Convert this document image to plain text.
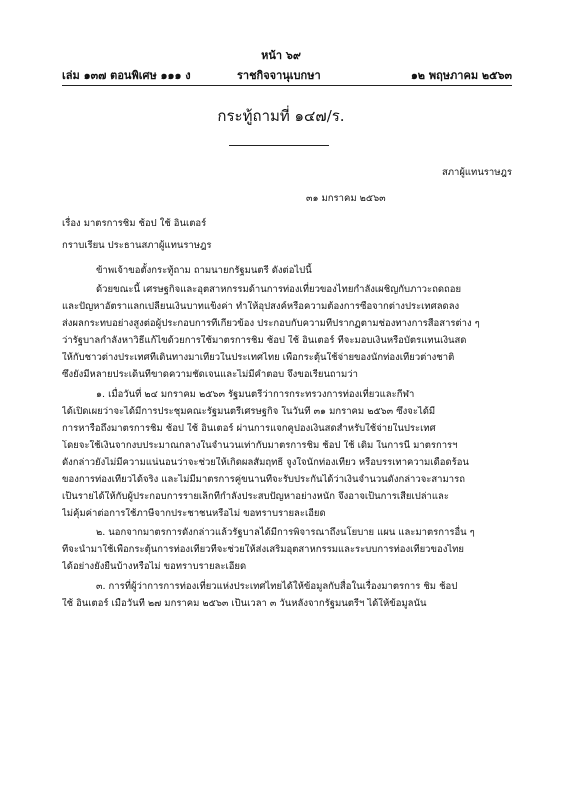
หน้า ๖๙
เล่ม ๑๓๗ ตอนพิเศษ ๑๑๑ ง	ราชกิจจานุเบกษา	๑๒ พฤษภาคม ๒๕๖๓
กระทู้ถามที่ ๑๔๗/ร.
สภาผู้แทนราษฎร
๓๑ มกราคม ๒๕๖๓
เรื่อง มาตรการชิม ช้อป ใช้ อินเตอร์
กราบเรียน ประธานสภาผู้แทนราษฎร
ข้าพเจ้าขอตั้งกระทู้ถาม ถามนายกรัฐมนตรี ดังต่อไปนี้
ด้วยขณะนี้ เศรษฐกิจและอุตสาหกรรมด้านการท่องเที่ยวของไทยกำลังเผชิญกับภาวะถดถอย
และปัญหาอัตราแลกเปลี่ยนเงินบาทแข็งค่า ทำให้อุปสงค์หรือความต้องการซื้อจากต่างประเทศลดลง
ส่งผลกระทบอย่างสูงต่อผู้ประกอบการที่เกี่ยวข้อง ประกอบกับความที่ปรากฏตามช่องทางการสื่อสารต่าง ๆ
ว่ารัฐบาลกำลังหาวิธีแก้ไขด้วยการใช้มาตรการชิม ช้อป ใช้ อินเตอร์ ที่จะมอบเงินหรือบัตรแทนเงินสด
ให้กับชาวต่างประเทศที่เดินทางมาเที่ยวในประเทศไทย เพื่อกระตุ้นใช้จ่ายของนักท่องเที่ยวต่างชาติ
ซึ่งยังมีหลายประเด็นที่ขาดความชัดเจนและไม่มีคำตอบ จึงขอเรียนถามว่า
๑. เมื่อวันที่ ๒๔ มกราคม ๒๕๖๓ รัฐมนตรีว่าการกระทรวงการท่องเที่ยวและกีฬา
ได้เปิดเผยว่าจะได้มีการประชุมคณะรัฐมนตรีเศรษฐกิจ ในวันที่ ๓๑ มกราคม ๒๕๖๓ ซึ่งจะได้มี
การหารือถึงมาตรการชิม ช้อป ใช้ อินเตอร์ ผ่านการแจกคูปองเงินสดสำหรับใช้จ่ายในประเทศ
โดยจะใช้เงินจากงบประมาณกลางในจำนวนเท่ากับมาตรการชิม ช้อป ใช้ เดิม ในการนี้ มาตรการฯ
ดังกล่าวยังไม่มีความแน่นอนว่าจะช่วยให้เกิดผลสัมฤทธิ์ จูงใจนักท่องเที่ยว หรือบรรเทาความเดือดร้อน
ของการท่องเที่ยวได้จริง และไม่มีมาตรการคู่ขนานที่จะรับประกันได้ว่าเงินจำนวนดังกล่าวจะสามารถ
เป็นรายได้ให้กับผู้ประกอบการรายเล็กที่กำลังประสบปัญหาอย่างหนัก จึงอาจเป็นการเสียเปล่าและ
ไม่คุ้มค่าต่อการใช้ภาษีจากประชาชนหรือไม่ ขอทราบรายละเอียด
๒. นอกจากมาตรการดังกล่าวแล้วรัฐบาลได้มีการพิจารณาถึงนโยบาย แผน และมาตรการอื่น ๆ
ที่จะนำมาใช้เพื่อกระตุ้นการท่องเที่ยวที่จะช่วยให้ส่งเสริมอุตสาหกรรมและระบบการท่องเที่ยวของไทย
ได้อย่างยั่งยืนบ้างหรือไม่ ขอทราบรายละเอียด
๓. การที่ผู้ว่าการการท่องเที่ยวแห่งประเทศไทยได้ให้ข้อมูลกับสื่อในเรื่องมาตรการ ชิม ช้อป
ใช้ อินเตอร์ เมื่อวันที่ ๒๗ มกราคม ๒๕๖๓ เป็นเวลา ๓ วันหลังจากรัฐมนตรีฯ ได้ให้ข้อมูลนั้น
